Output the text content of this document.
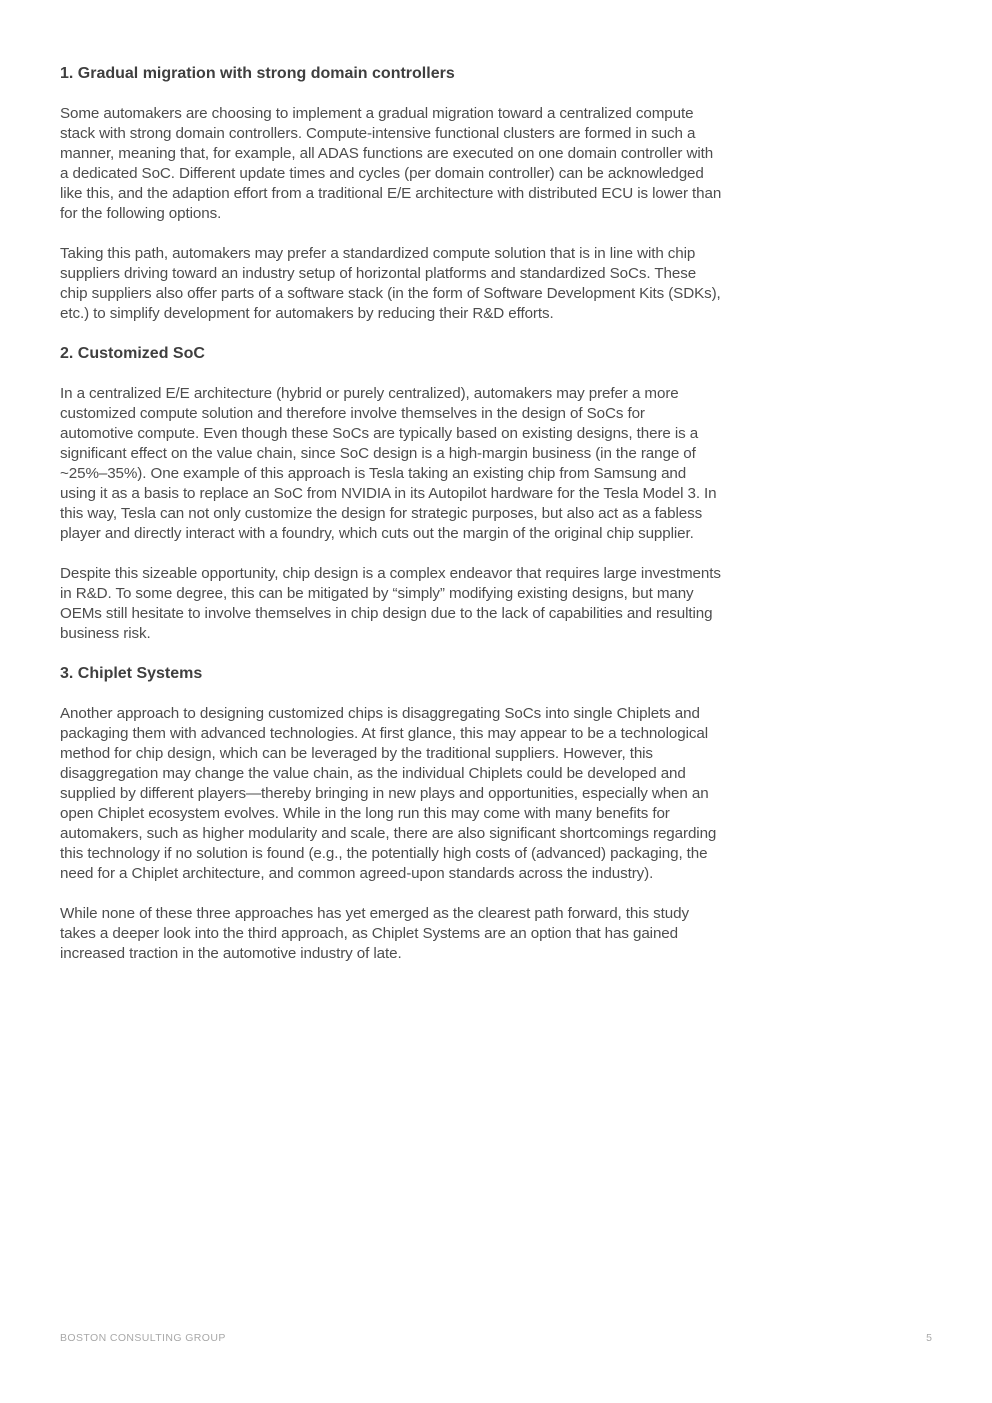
1. Gradual migration with strong domain controllers

Some automakers are choosing to implement a gradual migration toward a centralized compute stack with strong domain controllers. Compute-intensive functional clusters are formed in such a manner, meaning that, for example, all ADAS functions are executed on one domain controller with a dedicated SoC. Different update times and cycles (per domain controller) can be acknowledged like this, and the adaption effort from a traditional E/E architecture with distributed ECU is lower than for the following options.

Taking this path, automakers may prefer a standardized compute solution that is in line with chip suppliers driving toward an industry setup of horizontal platforms and standardized SoCs. These chip suppliers also offer parts of a software stack (in the form of Software Development Kits (SDKs), etc.) to simplify development for automakers by reducing their R&D efforts.

2. Customized SoC

In a centralized E/E architecture (hybrid or purely centralized), automakers may prefer a more customized compute solution and therefore involve themselves in the design of SoCs for automotive compute. Even though these SoCs are typically based on existing designs, there is a significant effect on the value chain, since SoC design is a high-margin business (in the range of ~25%–35%). One example of this approach is Tesla taking an existing chip from Samsung and using it as a basis to replace an SoC from NVIDIA in its Autopilot hardware for the Tesla Model 3. In this way, Tesla can not only customize the design for strategic purposes, but also act as a fabless player and directly interact with a foundry, which cuts out the margin of the original chip supplier.

Despite this sizeable opportunity, chip design is a complex endeavor that requires large investments in R&D. To some degree, this can be mitigated by “simply” modifying existing designs, but many OEMs still hesitate to involve themselves in chip design due to the lack of capabilities and resulting business risk.

3. Chiplet Systems

Another approach to designing customized chips is disaggregating SoCs into single Chiplets and packaging them with advanced technologies. At first glance, this may appear to be a technological method for chip design, which can be leveraged by the traditional suppliers. However, this disaggregation may change the value chain, as the individual Chiplets could be developed and supplied by different players—thereby bringing in new plays and opportunities, especially when an open Chiplet ecosystem evolves. While in the long run this may come with many benefits for automakers, such as higher modularity and scale, there are also significant shortcomings regarding this technology if no solution is found (e.g., the potentially high costs of (advanced) packaging, the need for a Chiplet architecture, and common agreed-upon standards across the industry).

While none of these three approaches has yet emerged as the clearest path forward, this study takes a deeper look into the third approach, as Chiplet Systems are an option that has gained increased traction in the automotive industry of late.

BOSTON CONSULTING GROUP	5
